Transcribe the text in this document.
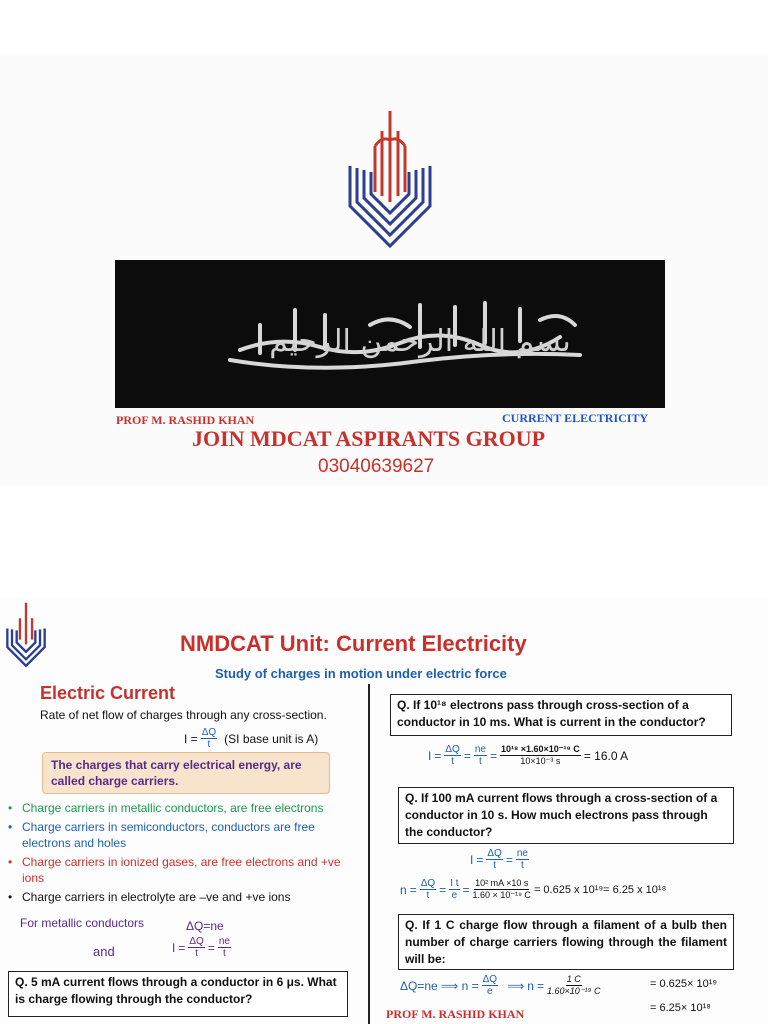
بسم الله الرحمن الرحيم
PROF M. RASHID KHAN	CURRENT ELECTRICITY
JOIN MDCAT ASPIRANTS GROUP
03040639627
NMDCAT Unit: Current Electricity
Study of charges in motion under electric force
Electric Current
Rate of net flow of charges through any cross-section.
$I = \frac{\Delta Q}{t} (SI$ base unit is A)
The charges that carry electrical energy, are called charge carriers.
• Charge carriers in metallic conductors, are free electrons
• Charge carriers in semiconductors, conductors are free electrons and holes
• Charge carriers in ionized gases, are free electrons and +ve ions
• Charge carriers in electrolyte are –ve and +ve ions
For metallic conductors	ΔQ=ne
and	$I = \frac{\Delta Q}{t} = \frac{ne}{t}$
Q. 5 mA current flows through a conductor in 6 μs. What is charge flowing through the conductor?
Q. If 10¹⁸ electrons pass through cross-section of a conductor in 10 ms. What is current in the conductor?
$I = \frac{\Delta Q}{t} = \frac{ne}{t} = \frac{\text{10¹⁸ ×1.60×10⁻¹⁹ C}}{\text{10×10⁻³ s}} = 16.0$ A
Q. If 100 mA current flows through a cross-section of a conductor in 10 s. How much electrons pass through the conductor?
$I = \frac{\Delta Q}{t} = \frac{ne}{t}$
$n = \frac{\Delta Q}{t} = \frac{\text{I t}}{e} = \frac{\text{10² mA ×10 s}}{\text{1.60 × 10⁻¹⁹ C}} = 0.625$ x 10¹⁹= 6.25 x 10¹⁸
Q. If 1 C charge flow through a filament of a bulb then number of charge carriers flowing through the filament will be:
ΔQ=ne ⟹ $n = \frac{\Delta Q}{e}$ ⟹ $n = \frac{1 C}{\text{1.60×10⁻¹⁹ C}}$	= 0.625× 10¹⁹
= 6.25× 10¹⁸
PROF M. RASHID KHAN
